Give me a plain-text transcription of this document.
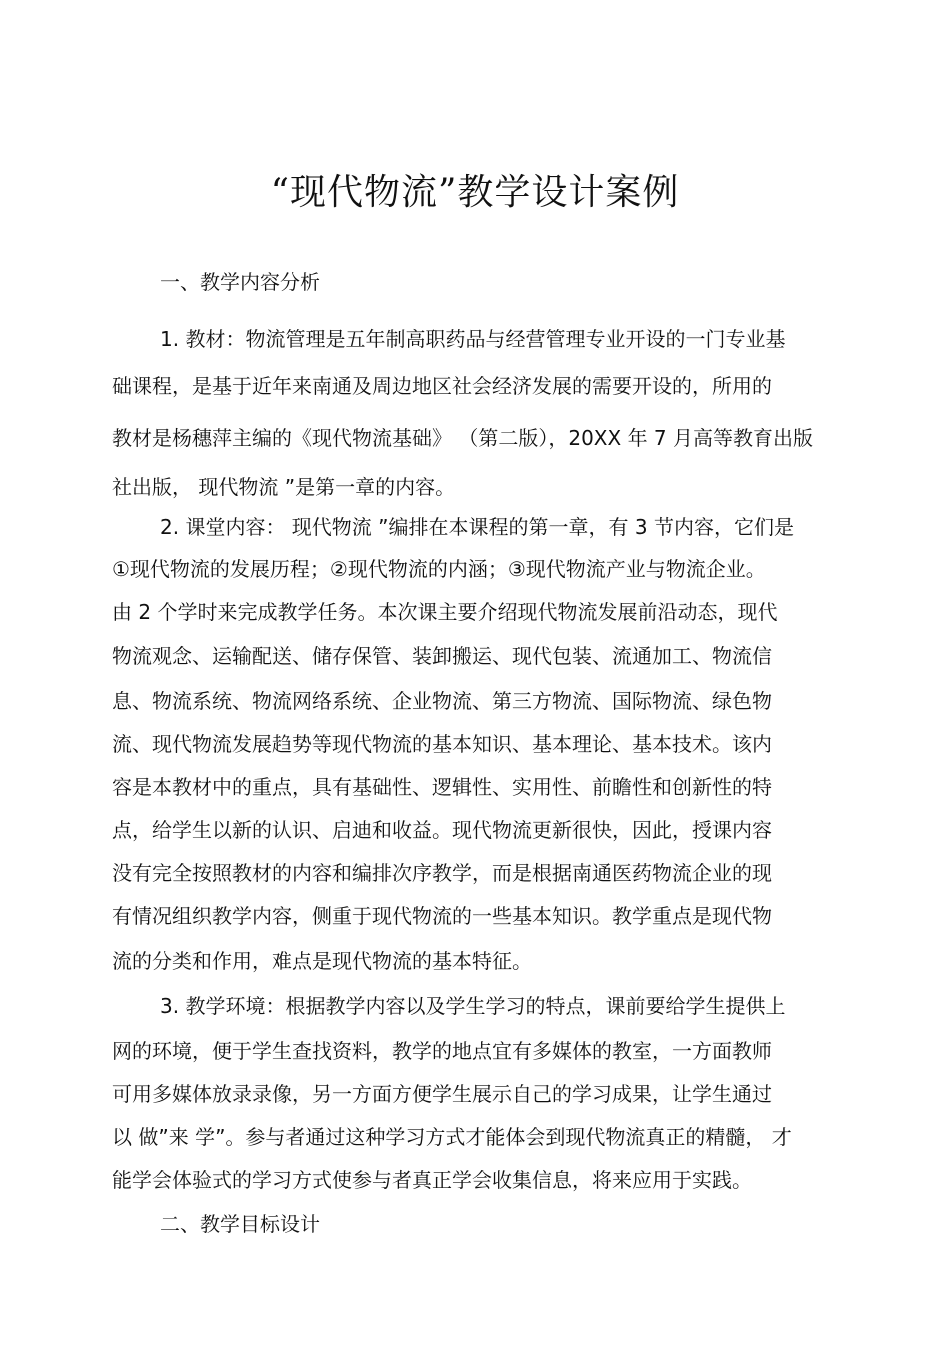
“现代物流”教学设计案例
一、教学内容分析
1. 教材：物流管理是五年制高职药品与经营管理专业开设的一门专业基
础课程，是基于近年来南通及周边地区社会经济发展的需要开设的，所用的
教材是杨穗萍主编的《现代物流基础》 （第二版），20XX 年 7 月高等教育出版
社出版， 现代物流 ”是第一章的内容。
2. 课堂内容： 现代物流 ”编排在本课程的第一章，有 3 节内容，它们是
①现代物流的发展历程；②现代物流的内涵；③现代物流产业与物流企业。
由 2 个学时来完成教学任务。本次课主要介绍现代物流发展前沿动态，现代
物流观念、运输配送、储存保管、装卸搬运、现代包装、流通加工、物流信
息、物流系统、物流网络系统、企业物流、第三方物流、国际物流、绿色物
流、现代物流发展趋势等现代物流的基本知识、基本理论、基本技术。该内
容是本教材中的重点，具有基础性、逻辑性、实用性、前瞻性和创新性的特
点，给学生以新的认识、启迪和收益。现代物流更新很快，因此，授课内容
没有完全按照教材的内容和编排次序教学，而是根据南通医药物流企业的现
有情况组织教学内容，侧重于现代物流的一些基本知识。教学重点是现代物
流的分类和作用，难点是现代物流的基本特征。
3. 教学环境：根据教学内容以及学生学习的特点，课前要给学生提供上
网的环境，便于学生查找资料，教学的地点宜有多媒体的教室，一方面教师
可用多媒体放录录像，另一方面方便学生展示自己的学习成果，让学生通过
以 做”来 学”。参与者通过这种学习方式才能体会到现代物流真正的精髓， 才
能学会体验式的学习方式使参与者真正学会收集信息，将来应用于实践。
二、教学目标设计
